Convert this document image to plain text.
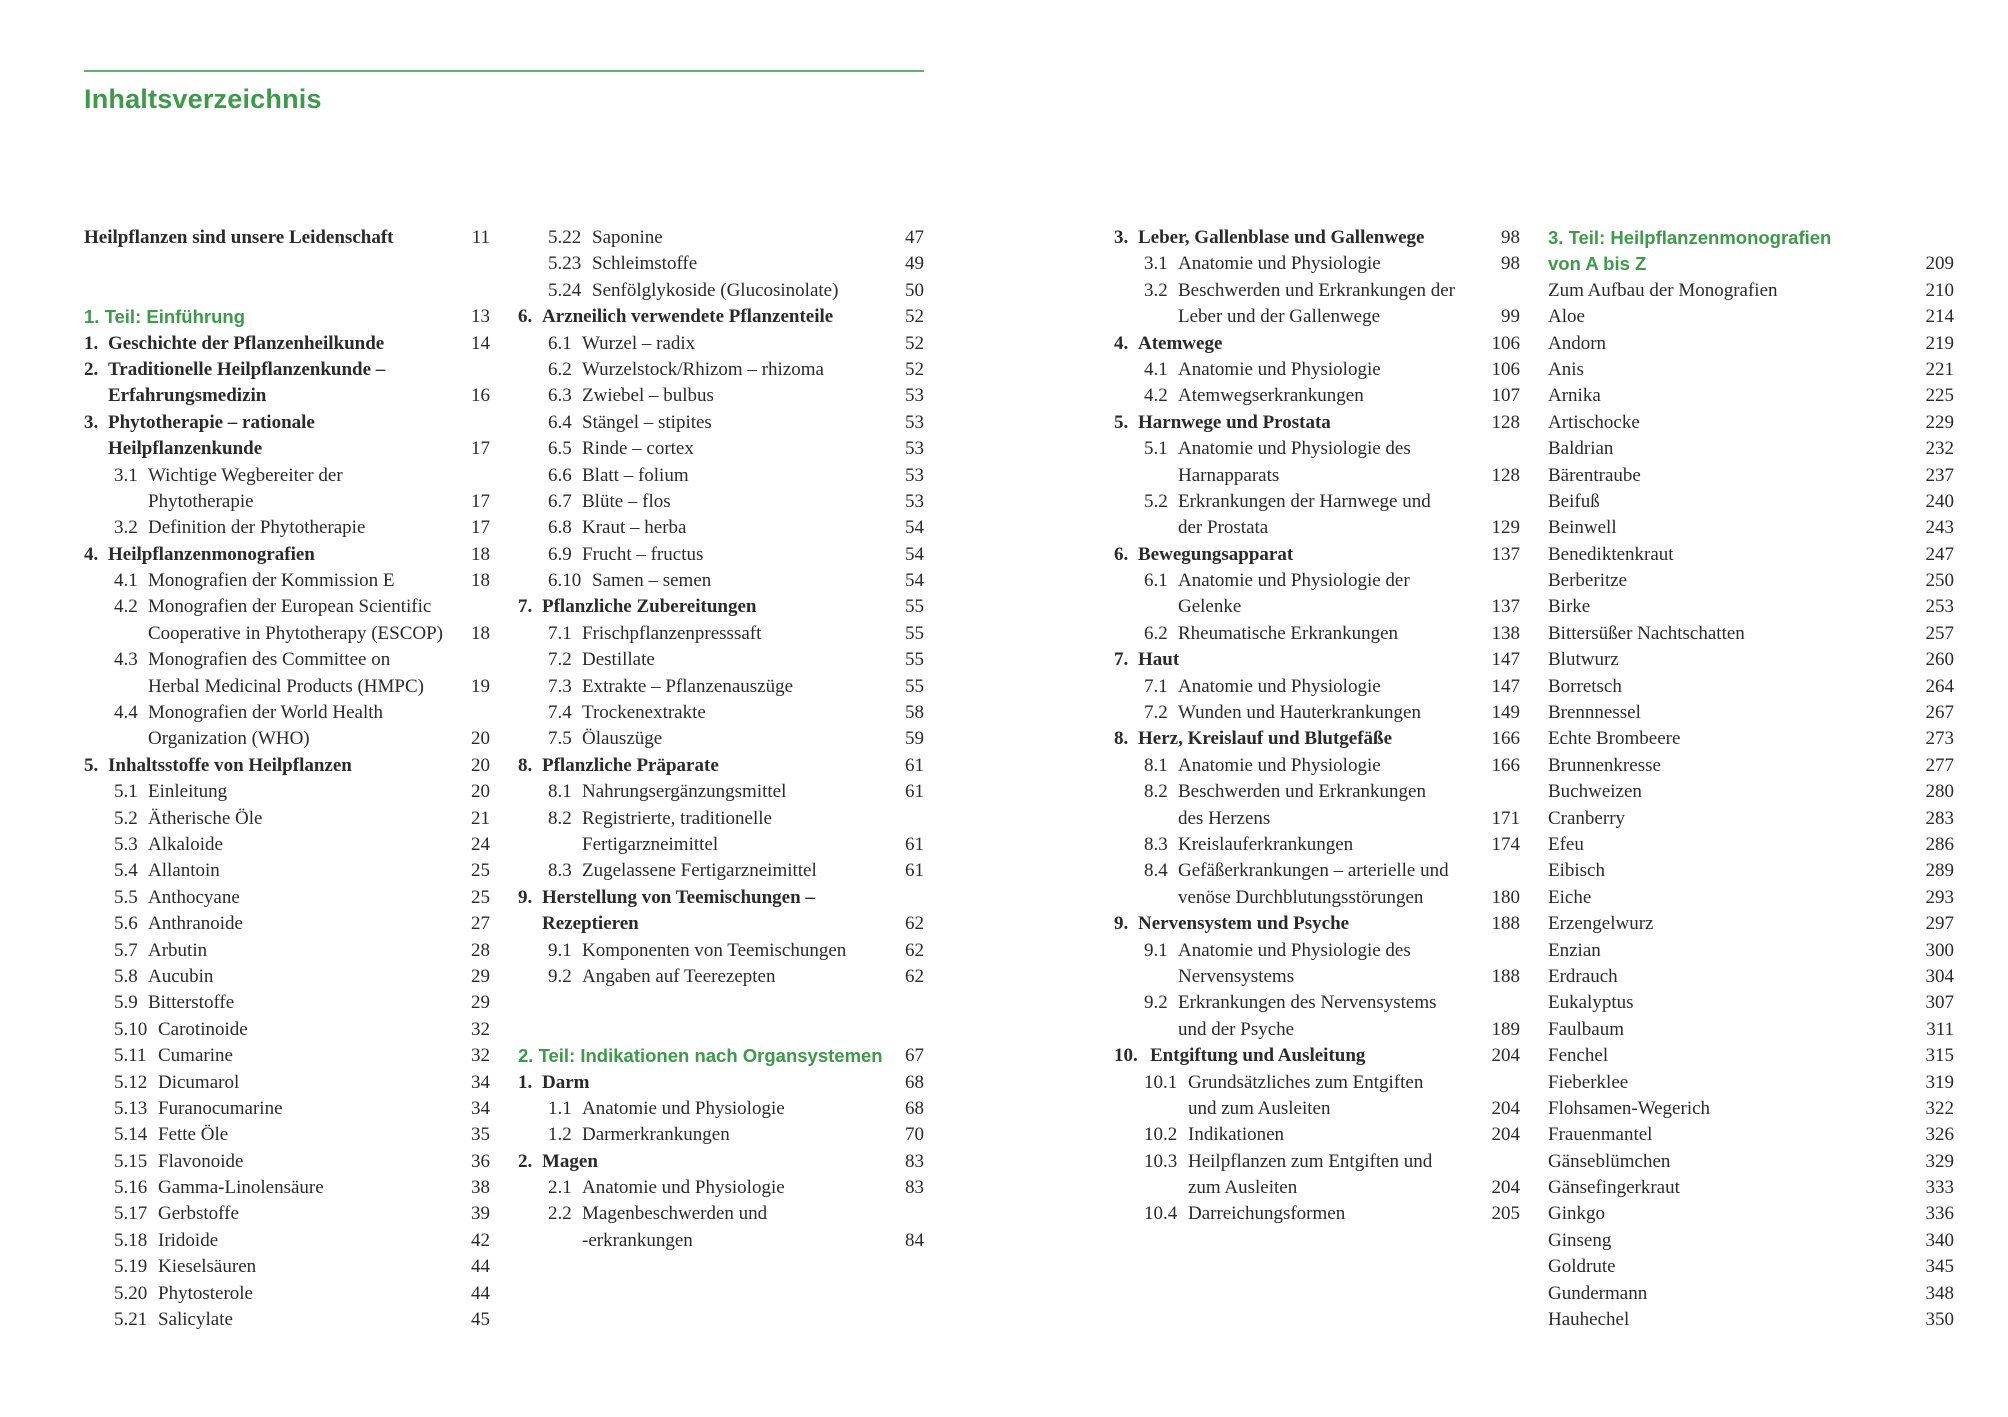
Inhaltsverzeichnis
Heilpflanzen sind unsere Leidenschaft	11
1. Teil: Einführung	13
1. Geschichte der Pflanzenheilkunde	14
2. Traditionelle Heilpflanzenkunde –
Erfahrungsmedizin	16
3. Phytotherapie – rationale
Heilpflanzenkunde	17
3.1 Wichtige Wegbereiter der
Phytotherapie	17
3.2 Definition der Phytotherapie	17
4. Heilpflanzenmonografien	18
4.1 Monografien der Kommission E	18
4.2 Monografien der European Scientific
Cooperative in Phytotherapy (ESCOP) 18
4.3 Monografien des Committee on
Herbal Medicinal Products (HMPC) 19
4.4 Monografien der World Health
Organization (WHO)	20
5. Inhaltsstoffe von Heilpflanzen	20
5.1 Einleitung	20
5.2 Ätherische Öle	21
5.3 Alkaloide	24
5.4 Allantoin	25
5.5 Anthocyane	25
5.6 Anthranoide	27
5.7 Arbutin	28
5.8 Aucubin	29
5.9 Bitterstoffe	29
5.10 Carotinoide	32
5.11 Cumarine	32
5.12 Dicumarol	34
5.13 Furanocumarine	34
5.14 Fette Öle	35
5.15 Flavonoide	36
5.16 Gamma-Linolensäure	38
5.17 Gerbstoffe	39
5.18 Iridoide	42
5.19 Kieselsäuren	44
5.20 Phytosterole	44
5.21 Salicylate	45
5.22 Saponine	47
5.23 Schleimstoffe	49
5.24 Senfölglykoside (Glucosinolate)	50
6. Arzneilich verwendete Pflanzenteile	52
6.1 Wurzel – radix	52
6.2 Wurzelstock/Rhizom – rhizoma	52
6.3 Zwiebel – bulbus	53
6.4 Stängel – stipites	53
6.5 Rinde – cortex	53
6.6 Blatt – folium	53
6.7 Blüte – flos	53
6.8 Kraut – herba	54
6.9 Frucht – fructus	54
6.10 Samen – semen	54
7. Pflanzliche Zubereitungen	55
7.1 Frischpflanzenpresssaft	55
7.2 Destillate	55
7.3 Extrakte – Pflanzenauszüge	55
7.4 Trockenextrakte	58
7.5 Ölauszüge	59
8. Pflanzliche Präparate	61
8.1 Nahrungsergänzungsmittel	61
8.2 Registrierte, traditionelle
Fertigarzneimittel	61
8.3 Zugelassene Fertigarzneimittel	61
9. Herstellung von Teemischungen –
Rezeptieren	62
9.1 Komponenten von Teemischungen	62
9.2 Angaben auf Teerezepten	62
2. Teil: Indikationen nach Organsystemen 67
1. Darm	68
1.1 Anatomie und Physiologie	68
1.2 Darmerkrankungen	70
2. Magen	83
2.1 Anatomie und Physiologie	83
2.2 Magenbeschwerden und
-erkrankungen	84
3. Leber, Gallenblase und Gallenwege	98
3.1 Anatomie und Physiologie	98
3.2 Beschwerden und Erkrankungen der
Leber und der Gallenwege	99
4. Atemwege	106
4.1 Anatomie und Physiologie	106
4.2 Atemwegserkrankungen	107
5. Harnwege und Prostata	128
5.1 Anatomie und Physiologie des
Harnapparats	128
5.2 Erkrankungen der Harnwege und
der Prostata	129
6. Bewegungsapparat	137
6.1 Anatomie und Physiologie der
Gelenke	137
6.2 Rheumatische Erkrankungen	138
7. Haut	147
7.1 Anatomie und Physiologie	147
7.2 Wunden und Hauterkrankungen	149
8. Herz, Kreislauf und Blutgefäße	166
8.1 Anatomie und Physiologie	166
8.2 Beschwerden und Erkrankungen
des Herzens	171
8.3 Kreislauferkrankungen	174
8.4 Gefäßerkrankungen – arterielle und
venöse Durchblutungsstörungen	180
9. Nervensystem und Psyche	188
9.1 Anatomie und Physiologie des
Nervensystems	188
9.2 Erkrankungen des Nervensystems
und der Psyche	189
10. Entgiftung und Ausleitung	204
10.1 Grundsätzliches zum Entgiften
und zum Ausleiten	204
10.2 Indikationen	204
10.3 Heilpflanzen zum Entgiften und
zum Ausleiten	204
10.4 Darreichungsformen	205
3. Teil: Heilpflanzenmonografien
von A bis Z	209
Zum Aufbau der Monografien	210
Aloe	214
Andorn	219
Anis	221
Arnika	225
Artischocke	229
Baldrian	232
Bärentraube	237
Beifuß	240
Beinwell	243
Benediktenkraut	247
Berberitze	250
Birke	253
Bittersüßer Nachtschatten	257
Blutwurz	260
Borretsch	264
Brennnessel	267
Echte Brombeere	273
Brunnenkresse	277
Buchweizen	280
Cranberry	283
Efeu	286
Eibisch	289
Eiche	293
Erzengelwurz	297
Enzian	300
Erdrauch	304
Eukalyptus	307
Faulbaum	311
Fenchel	315
Fieberklee	319
Flohsamen-Wegerich	322
Frauenmantel	326
Gänseblümchen	329
Gänsefingerkraut	333
Ginkgo	336
Ginseng	340
Goldrute	345
Gundermann	348
Hauhechel	350
